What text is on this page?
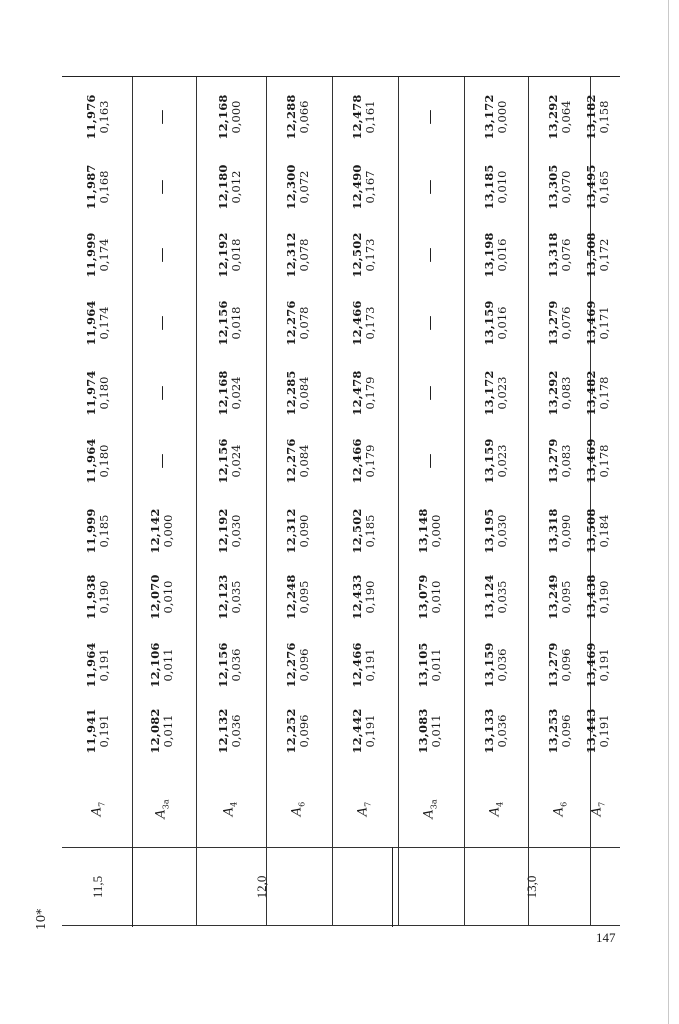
11,941 0,191
11,964 0,191
11,938 0,190
11,999 0,185
11,964 0,180
11,974 0,180
11,964 0,174
11,999 0,174
11,987 0,168
11,976 0,163
$A_7$
12,082 0,011
12,106 0,011
12,070 0,010
12,142 0,000
—
—
—
—
—
—
$A_{3a}$
12,132 0,036
12,156 0,036
12,123 0,035
12,192 0,030
12,156 0,024
12,168 0,024
12,156 0,018
12,192 0,018
12,180 0,012
12,168 0,000
$A_4$
12,252 0,096
12,276 0,096
12,248 0,095
12,312 0,090
12,276 0,084
12,285 0,084
12,276 0,078
12,312 0,078
12,300 0,072
12,288 0,066
$A_6$
12,442 0,191
12,466 0,191
12,433 0,190
12,502 0,185
12,466 0,179
12,478 0,179
12,466 0,173
12,502 0,173
12,490 0,167
12,478 0,161
$A_7$
13,083 0,011
13,105 0,011
13,079 0,010
13,148 0,000
—
—
—
—
—
—
$A_{3a}$
13,133 0,036
13,159 0,036
13,124 0,035
13,195 0,030
13,159 0,023
13,172 0,023
13,159 0,016
13,198 0,016
13,185 0,010
13,172 0,000
$A_4$
13,253 0,096
13,279 0,096
13,249 0,095
13,318 0,090
13,279 0,083
13,292 0,083
13,279 0,076
13,318 0,076
13,305 0,070
13,292 0,064
$A_6$
13,443 0,191
13,469 0,191
13,438 0,190
13,508 0,184
13,469 0,178
13,482 0,178
13,469 0,171
13,508 0,172
13,495 0,165
13,182 0,158
$A_7$
11,5	12,0	13,0
10*
147
